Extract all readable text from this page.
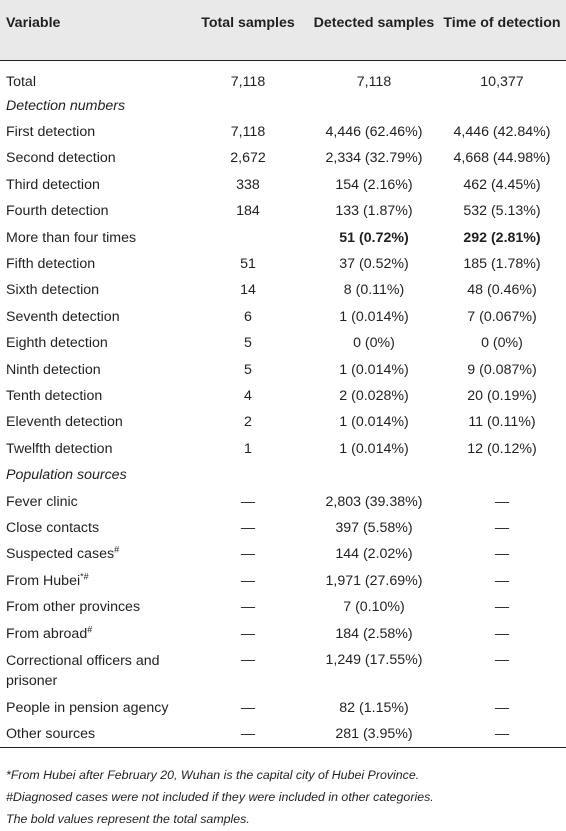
Variable	Total samples	Detected samples	Time of detection
Total	7,118	7,118	10,377
Detection numbers			
First detection	7,118	4,446 (62.46%)	4,446 (42.84%)
Second detection	2,672	2,334 (32.79%)	4,668 (44.98%)
Third detection	338	154 (2.16%)	462 (4.45%)
Fourth detection	184	133 (1.87%)	532 (5.13%)
More than four times		51 (0.72%)	292 (2.81%)
Fifth detection	51	37 (0.52%)	185 (1.78%)
Sixth detection	14	8 (0.11%)	48 (0.46%)
Seventh detection	6	1 (0.014%)	7 (0.067%)
Eighth detection	5	0 (0%)	0 (0%)
Ninth detection	5	1 (0.014%)	9 (0.087%)
Tenth detection	4	2 (0.028%)	20 (0.19%)
Eleventh detection	2	1 (0.014%)	11 (0.11%)
Twelfth detection	1	1 (0.014%)	12 (0.12%)
Population sources			
Fever clinic	—	2,803 (39.38%)	—
Close contacts	—	397 (5.58%)	—
Suspected cases#	—	144 (2.02%)	—
From Hubei*#	—	1,971 (27.69%)	—
From other provinces	—	7 (0.10%)	—
From abroad#	—	184 (2.58%)	—
Correctional officers and prisoner	—	1,249 (17.55%)	—
People in pension agency	—	82 (1.15%)	—
Other sources	—	281 (3.95%)	—
*From Hubei after February 20, Wuhan is the capital city of Hubei Province.
#Diagnosed cases were not included if they were included in other categories.
The bold values represent the total samples.
